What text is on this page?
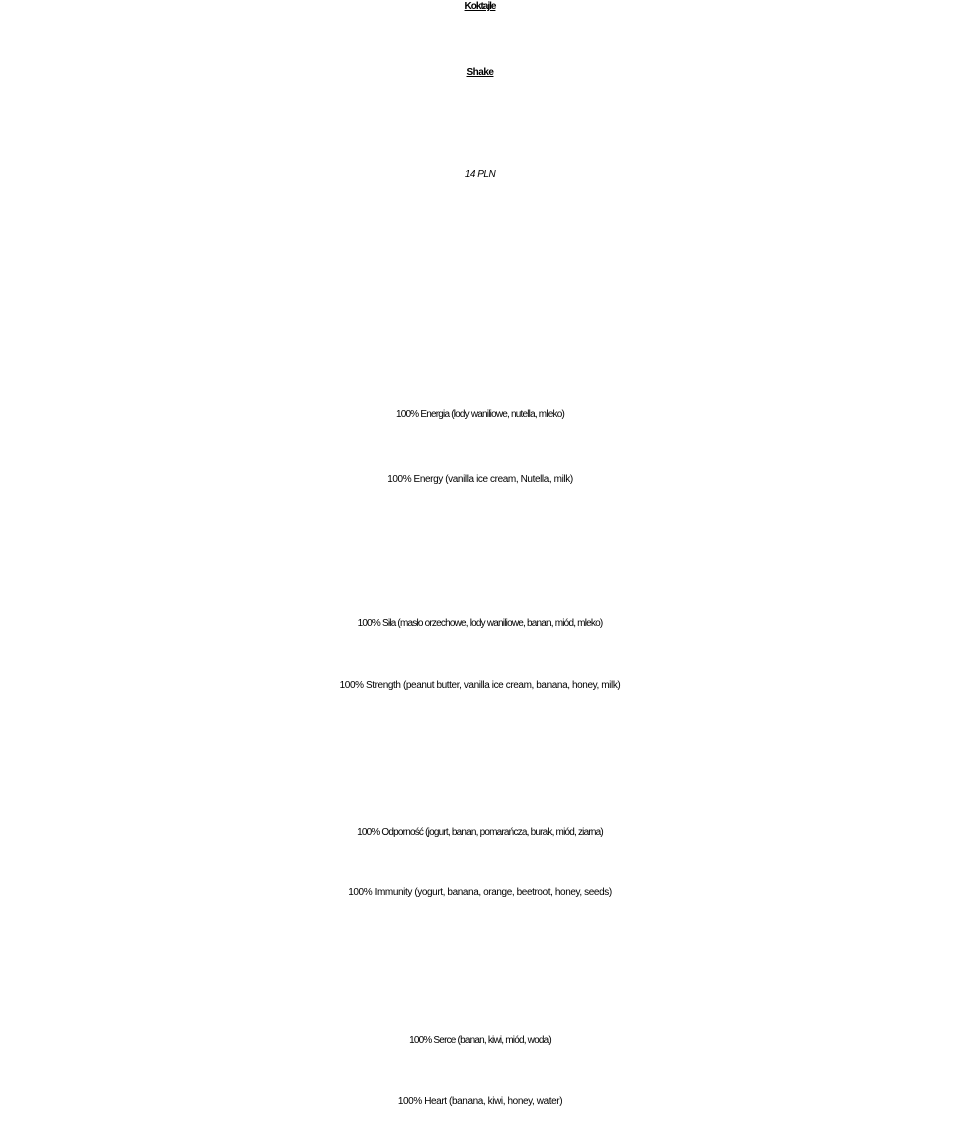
Koktajle
Shake
14 PLN
100% Energia (lody waniliowe, nutella, mleko)
100% Energy (vanilla ice cream, Nutella, milk)
100% Siła (masło orzechowe, lody waniliowe, banan, miód, mleko)
100% Strength (peanut butter, vanilla ice cream, banana, honey, milk)
100% Odporność (jogurt, banan, pomarańcza, burak, miód, ziarna)
100% Immunity (yogurt, banana, orange, beetroot, honey, seeds)
100% Serce (banan, kiwi, miód, woda)
100% Heart (banana, kiwi, honey, water)
